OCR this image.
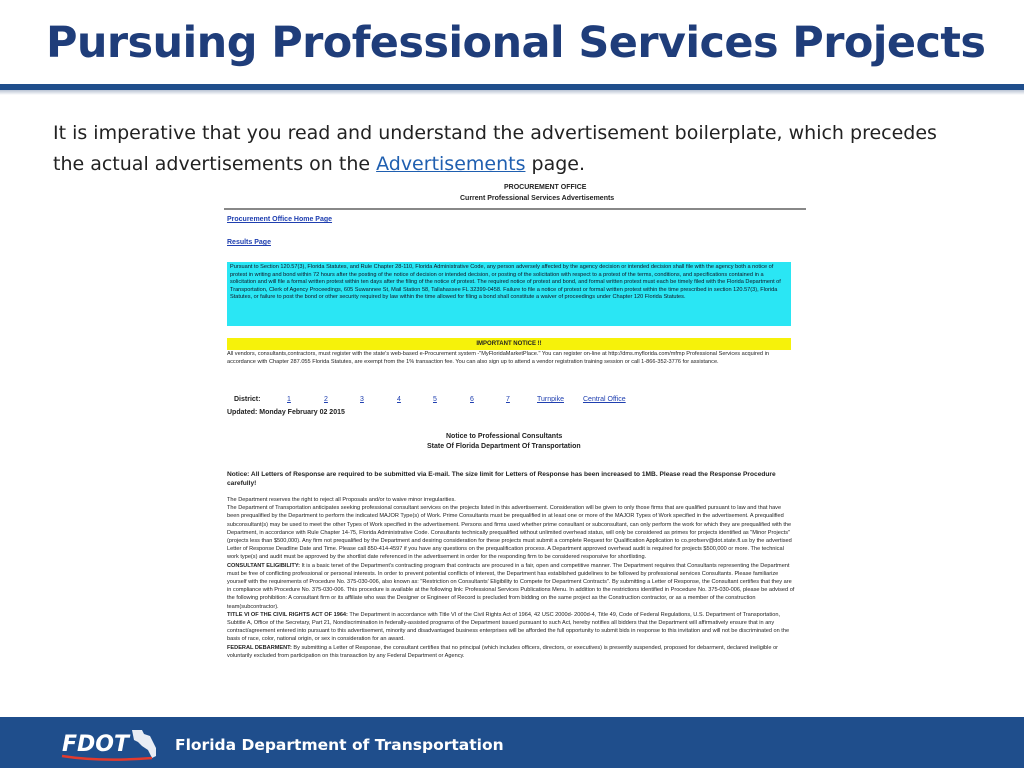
Pursuing Professional Services Projects
It is imperative that you read and understand the advertisement boilerplate, which precedes the actual advertisements on the Advertisements page.
PROCUREMENT OFFICE
Current Professional Services Advertisements
Procurement Office Home Page
Results Page
Pursuant to Section 120.57(3), Florida Statutes, and Rule Chapter 28-110, Florida Administrative Code, any person adversely affected by the agency decision or intended decision shall file with the agency both a notice of protest in writing and bond within 72 hours after the posting of the notice of decision or intended decision, or posting of the solicitation with respect to a protest of the terms, conditions, and specifications contained in a solicitation and will file a formal written protest within ten days after the filing of the notice of protest. The required notice of protest and bond, and formal written protest must each be timely filed with the Florida Department of Transportation, Clerk of Agency Proceedings, 605 Suwannee St, Mail Station 58, Tallahassee FL 32399-0458. Failure to file a notice of protest or formal written protest within the time prescribed in section 120.57(3), Florida Statutes, or failure to post the bond or other security required by law within the time allowed for filing a bond shall constitute a waiver of proceedings under Chapter 120 Florida Statutes.
IMPORTANT NOTICE !!
All vendors, consultants,contractors, must register with the state's web-based e-Procurement system -"MyFloridaMarketPlace." You can register on-line at http://dms.myflorida.com/mfmp Professional Services acquired in accordance with Chapter 287.055 Florida Statutes, are exempt from the 1% transaction fee. You can also sign up to attend a vendor registration training session or call 1-866-352-3776 for assistance.
District:	1	2	3	4	5	6	7	Turnpike	Central Office
Updated: Monday February 02 2015
Notice to Professional Consultants
State Of Florida Department Of Transportation
Notice: All Letters of Response are required to be submitted via E-mail. The size limit for Letters of Response has been increased to 1MB. Please read the Response Procedure carefully!
The Department reserves the right to reject all Proposals and/or to waive minor irregularities.
The Department of Transportation anticipates seeking professional consultant services on the projects listed in this advertisement. Consideration will be given to only those firms that are qualified pursuant to law and that have been prequalified by the Department to perform the indicated MAJOR Type(s) of Work. Prime Consultants must be prequalified in at least one or more of the MAJOR Types of Work specified in the advertisement. A prequalified subconsultant(s) may be used to meet the other Types of Work specified in the advertisement. Persons and firms used whether prime consultant or subconsultant, can only perform the work for which they are prequalified with the Department, in accordance with Rule Chapter 14-75, Florida Administrative Code. Consultants technically prequalified without unlimited overhead status, will only be considered as primes for projects identified as "Minor Projects" (projects less than $500,000). Any firm not prequalified by the Department and desiring consideration for these projects must submit a complete Request for Qualification Application to co.profserv@dot.state.fl.us by the advertised Letter of Response Deadline Date and Time. Please call 850-414-4597 if you have any questions on the prequalification process. A Department approved overhead audit is required for projects $500,000 or more. The technical work type(s) and audit must be approved by the shortlist date referenced in the advertisement in order for the responding firm to be considered responsive for shortlisting.
CONSULTANT ELIGIBILITY: It is a basic tenet of the Department's contracting program that contracts are procured in a fair, open and competitive manner. The Department requires that Consultants representing the Department must be free of conflicting professional or personal interests. In order to prevent potential conflicts of interest, the Department has established guidelines to be followed by professional services Consultants. Please familiarize yourself with the requirements of Procedure No. 375-030-006, also known as: "Restriction on Consultants' Eligibility to Compete for Department Contracts". By submitting a Letter of Response, the Consultant certifies that they are in compliance with Procedure No. 375-030-006. This procedure is available at the following link: Professional Services Publications Menu. In addition to the restrictions identified in Procedure No. 375-030-006, please be advised of the following prohibition: A consultant firm or its affiliate who was the Designer or Engineer of Record is precluded from bidding on the same project as the Construction contractor, or as a member of the construction team(subcontractor).
TITLE VI OF THE CIVIL RIGHTS ACT OF 1964: The Department in accordance with Title VI of the Civil Rights Act of 1964, 42 USC 2000d- 2000d-4, Title 49, Code of Federal Regulations, U.S. Department of Transportation, Subtitle A, Office of the Secretary, Part 21, Nondiscrimination in federally-assisted programs of the Department issued pursuant to such Act, hereby notifies all bidders that the Department will affirmatively ensure that in any contract/agreement entered into pursuant to this advertisement, minority and disadvantaged business enterprises will be afforded the full opportunity to submit bids in response to this invitation and will not be discriminated on the basis of race, color, national origin, or sex in consideration for an award.
FEDERAL DEBARMENT: By submitting a Letter of Response, the consultant certifies that no principal (which includes officers, directors, or executives) is presently suspended, proposed for debarment, declared ineligible or voluntarily excluded from participation on this transaction by any Federal Department or Agency.
FDOT	Florida Department of Transportation
